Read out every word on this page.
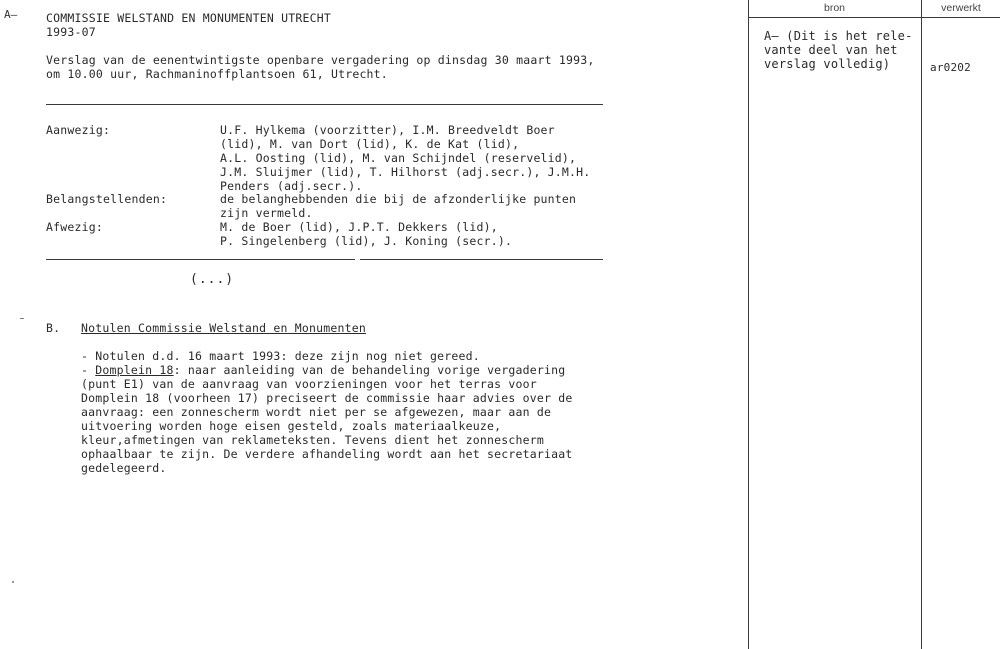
A—	COMMISSIE WELSTAND EN MONUMENTEN UTRECHT
1993-07
Verslag van de eenentwintigste openbare vergadering op dinsdag 30 maart 1993,
om 10.00 uur, Rachmaninoffplantsoen 61, Utrecht.
Aanwezig:	U.F. Hylkema (voorzitter), I.M. Breedveldt Boer
(lid), M. van Dort (lid), K. de Kat (lid),
A.L. Oosting (lid), M. van Schijndel (reservelid),
J.M. Sluijmer (lid), T. Hilhorst (adj.secr.), J.M.H.
Penders (adj.secr.).
Belangstellenden:	de belanghebbenden die bij de afzonderlijke punten
zijn vermeld.
Afwezig:	M. de Boer (lid), J.P.T. Dekkers (lid),
P. Singelenberg (lid), J. Koning (secr.).
(...)
B. Notulen Commissie Welstand en Monumenten
- Notulen d.d. 16 maart 1993: deze zijn nog niet gereed.
- Domplein 18: naar aanleiding van de behandeling vorige vergadering
(punt E1) van de aanvraag van voorzieningen voor het terras voor
Domplein 18 (voorheen 17) preciseert de commissie haar advies over de
aanvraag: een zonnescherm wordt niet per se afgewezen, maar aan de
uitvoering worden hoge eisen gesteld, zoals materiaalkeuze,
kleur,afmetingen van reklameteksten. Tevens dient het zonnescherm
ophaalbaar te zijn. De verdere afhandeling wordt aan het secretariaat
gedelegeerd.
bron	verwerkt
A— (Dit is het rele-
vante deel van het
verslag volledig)	ar0202
